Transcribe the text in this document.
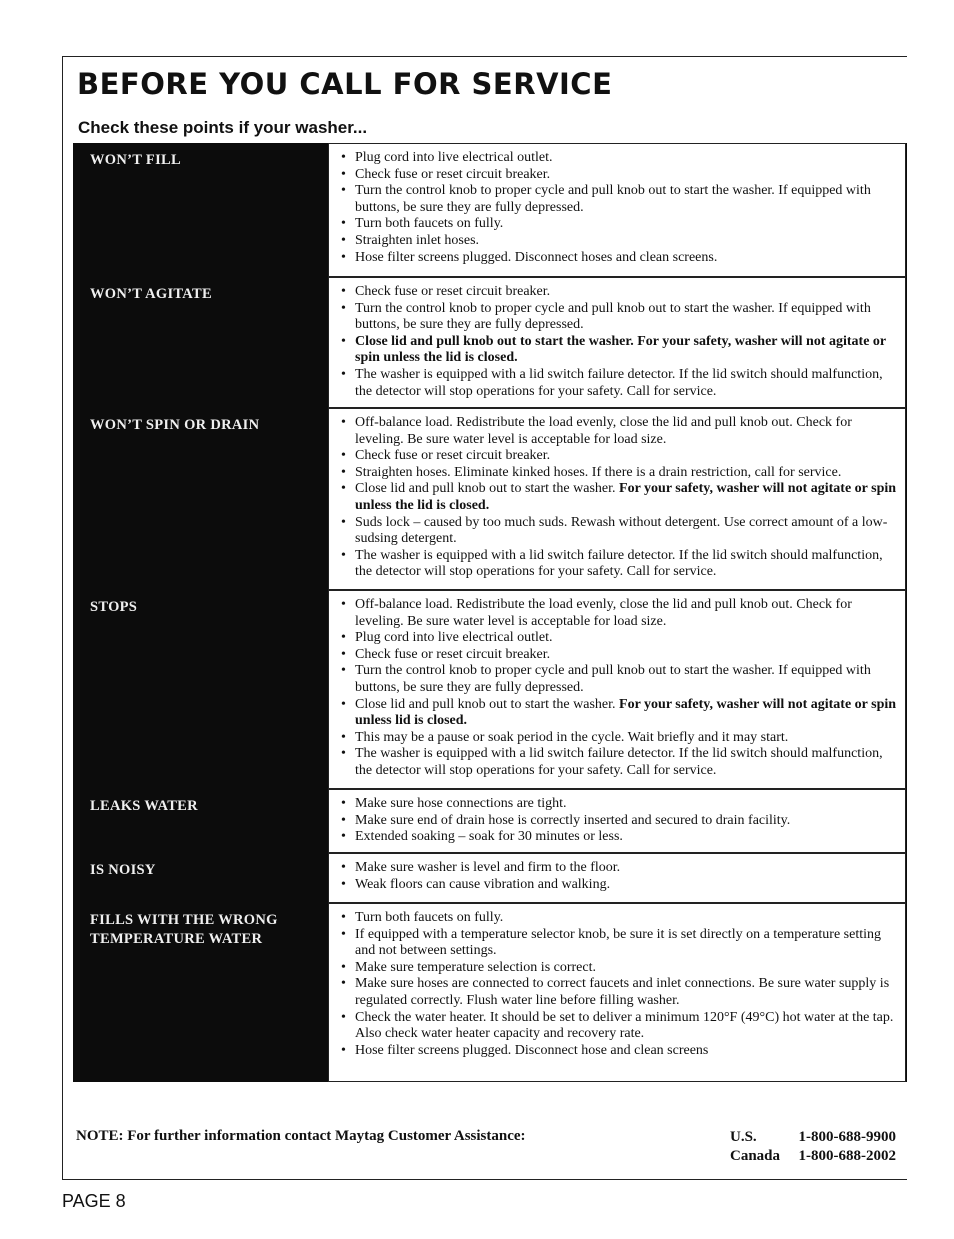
BEFORE YOU CALL FOR SERVICE
Check these points if your washer...
WON’T FILL	• Plug cord into live electrical outlet.
• Check fuse or reset circuit breaker.
• Turn the control knob to proper cycle and pull knob out to start the washer. If equipped with buttons, be sure they are fully depressed.
• Turn both faucets on fully.
• Straighten inlet hoses.
• Hose filter screens plugged. Disconnect hoses and clean screens.
WON’T AGITATE	• Check fuse or reset circuit breaker.
• Turn the control knob to proper cycle and pull knob out to start the washer. If equipped with buttons, be sure they are fully depressed.
• Close lid and pull knob out to start the washer. For your safety, washer will not agitate or spin unless the lid is closed.
• The washer is equipped with a lid switch failure detector. If the lid switch should malfunction, the detector will stop operations for your safety. Call for service.
WON’T SPIN OR DRAIN	• Off-balance load. Redistribute the load evenly, close the lid and pull knob out. Check for leveling. Be sure water level is acceptable for load size.
• Check fuse or reset circuit breaker.
• Straighten hoses. Eliminate kinked hoses. If there is a drain restriction, call for service.
• Close lid and pull knob out to start the washer. For your safety, washer will not agitate or spin unless the lid is closed.
• Suds lock – caused by too much suds. Rewash without detergent. Use correct amount of a low-sudsing detergent.
• The washer is equipped with a lid switch failure detector. If the lid switch should malfunction, the detector will stop operations for your safety. Call for service.
STOPS	• Off-balance load. Redistribute the load evenly, close the lid and pull knob out. Check for leveling. Be sure water level is acceptable for load size.
• Plug cord into live electrical outlet.
• Check fuse or reset circuit breaker.
• Turn the control knob to proper cycle and pull knob out to start the washer. If equipped with buttons, be sure they are fully depressed.
• Close lid and pull knob out to start the washer. For your safety, washer will not agitate or spin unless lid is closed.
• This may be a pause or soak period in the cycle. Wait briefly and it may start.
• The washer is equipped with a lid switch failure detector. If the lid switch should malfunction, the detector will stop operations for your safety. Call for service.
LEAKS WATER	• Make sure hose connections are tight.
• Make sure end of drain hose is correctly inserted and secured to drain facility.
• Extended soaking – soak for 30 minutes or less.
IS NOISY	• Make sure washer is level and firm to the floor.
• Weak floors can cause vibration and walking.
FILLS WITH THE WRONG TEMPERATURE WATER
• Turn both faucets on fully.
• If equipped with a temperature selector knob, be sure it is set directly on a temperature setting and not between settings.
• Make sure temperature selection is correct.
• Make sure hoses are connected to correct faucets and inlet connections. Be sure water supply is regulated correctly. Flush water line before filling washer.
• Check the water heater. It should be set to deliver a minimum 120°F (49°C) hot water at the tap. Also check water heater capacity and recovery rate.
• Hose filter screens plugged. Disconnect hose and clean screens

NOTE: For further information contact Maytag Customer Assistance:	U.S.	1-800-688-9900
Canada 1-800-688-2002

PAGE 8
